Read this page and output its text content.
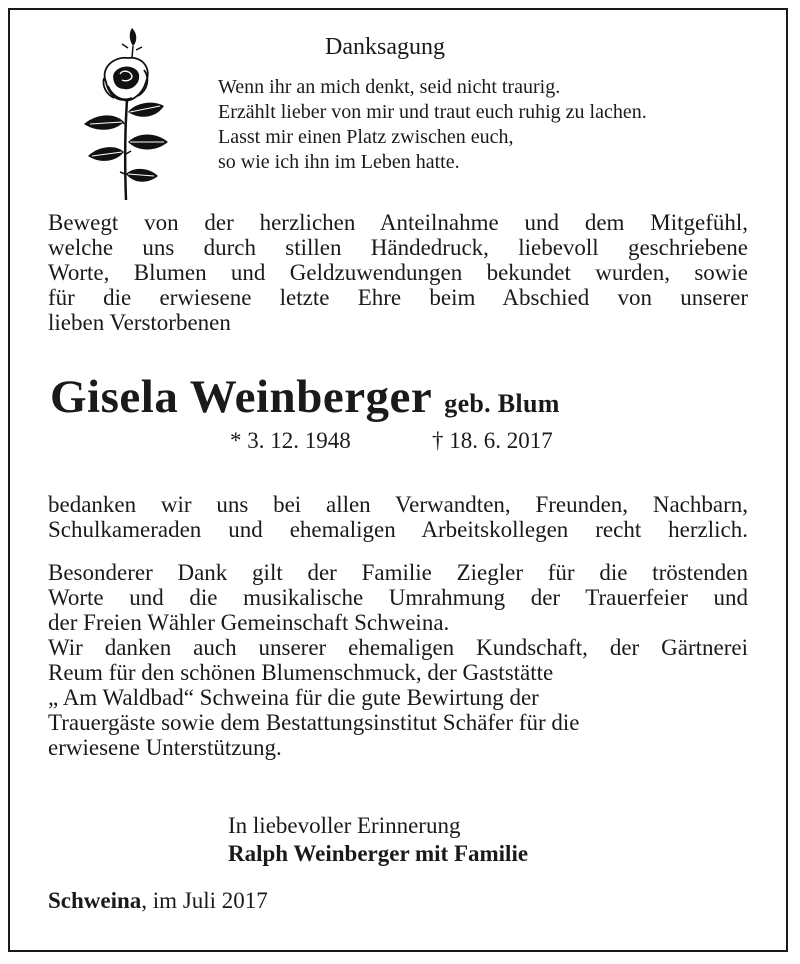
Danksagung
Wenn ihr an mich denkt, seid nicht traurig.
Erzählt lieber von mir und traut euch ruhig zu lachen.
Lasst mir einen Platz zwischen euch,
so wie ich ihn im Leben hatte.
Bewegt von der herzlichen Anteilnahme und dem Mitgefühl,
welche uns durch stillen Händedruck, liebevoll geschriebene
Worte, Blumen und Geldzuwendungen bekundet wurden, sowie
für die erwiesene letzte Ehre beim Abschied von unserer
lieben Verstorbenen
Gisela Weinberger geb. Blum
* 3. 12. 1948	† 18. 6. 2017
bedanken wir uns bei allen Verwandten, Freunden, Nachbarn,
Schulkameraden und ehemaligen Arbeitskollegen recht herzlich.
Besonderer Dank gilt der Familie Ziegler für die tröstenden
Worte und die musikalische Umrahmung der Trauerfeier und
der Freien Wähler Gemeinschaft Schweina.
Wir danken auch unserer ehemaligen Kundschaft, der Gärtnerei
Reum für den schönen Blumenschmuck, der Gaststätte
„ Am Waldbad“ Schweina für die gute Bewirtung der
Trauergäste sowie dem Bestattungsinstitut Schäfer für die
erwiesene Unterstützung.
In liebevoller Erinnerung
Ralph Weinberger mit Familie
Schweina, im Juli 2017
